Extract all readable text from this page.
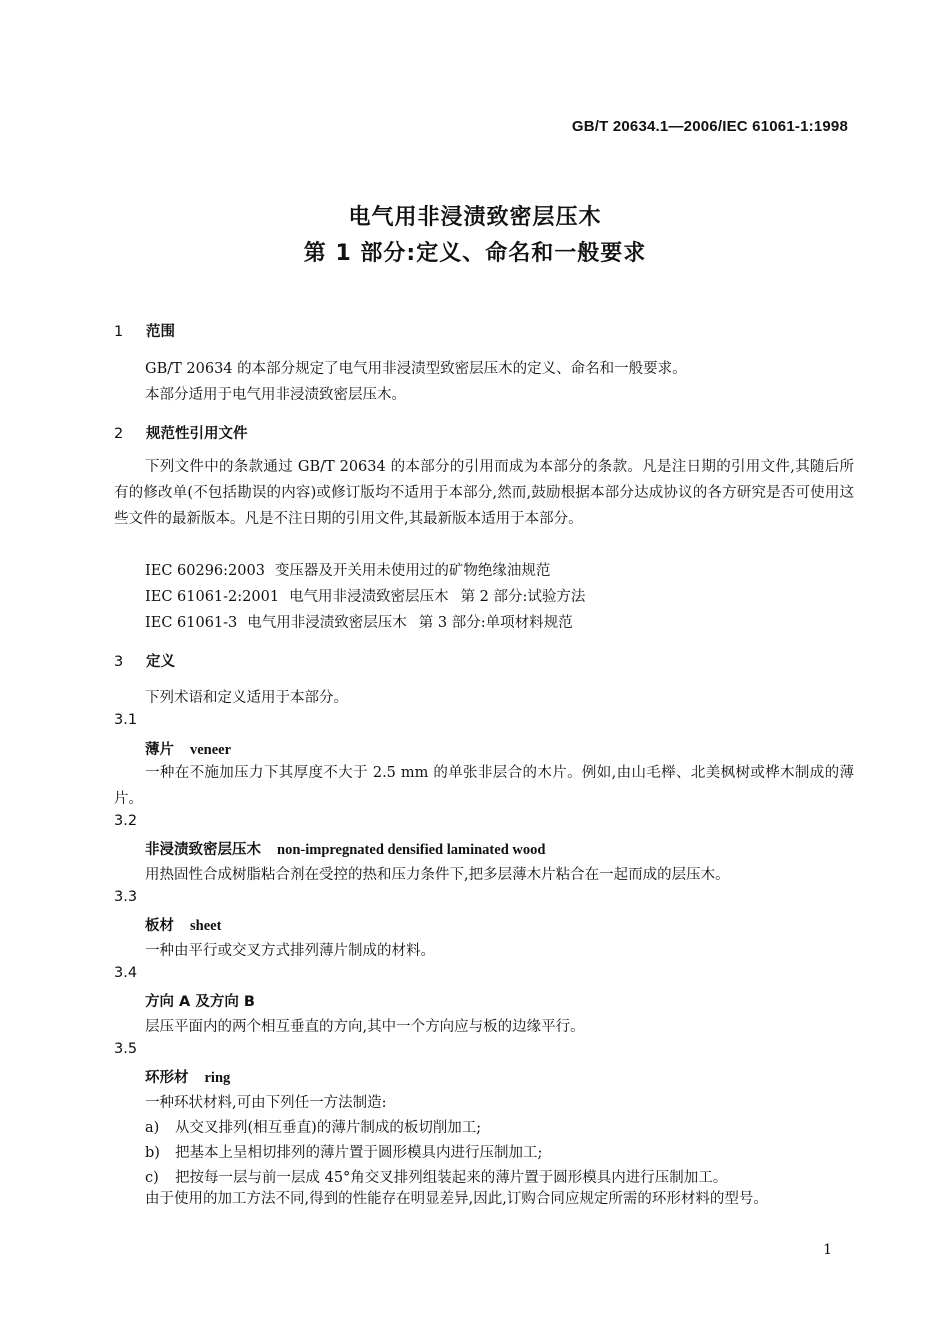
GB/T 20634.1—2006/IEC 61061-1:1998
电气用非浸渍致密层压木
第 1 部分:定义、命名和一般要求
1 范围
GB/T 20634 的本部分规定了电气用非浸渍型致密层压木的定义、命名和一般要求。
本部分适用于电气用非浸渍致密层压木。
2 规范性引用文件
下列文件中的条款通过 GB/T 20634 的本部分的引用而成为本部分的条款。凡是注日期的引用文件,其随后所有的修改单(不包括勘误的内容)或修订版均不适用于本部分,然而,鼓励根据本部分达成协议的各方研究是否可使用这些文件的最新版本。凡是不注日期的引用文件,其最新版本适用于本部分。
IEC 60296:2003 变压器及开关用未使用过的矿物绝缘油规范
IEC 61061-2:2001 电气用非浸渍致密层压木 第 2 部分:试验方法
IEC 61061-3 电气用非浸渍致密层压木 第 3 部分:单项材料规范
3 定义
下列术语和定义适用于本部分。
3.1
薄片 veneer
一种在不施加压力下其厚度不大于 2.5 mm 的单张非层合的木片。例如,由山毛榉、北美枫树或桦木制成的薄片。
3.2
非浸渍致密层压木 non-impregnated densified laminated wood
用热固性合成树脂粘合剂在受控的热和压力条件下,把多层薄木片粘合在一起而成的层压木。
3.3
板材 sheet
一种由平行或交叉方式排列薄片制成的材料。
3.4
方向 A 及方向 B
层压平面内的两个相互垂直的方向,其中一个方向应与板的边缘平行。
3.5
环形材 ring
一种环状材料,可由下列任一方法制造:
a) 从交叉排列(相互垂直)的薄片制成的板切削加工;
b) 把基本上呈相切排列的薄片置于圆形模具内进行压制加工;
c) 把按每一层与前一层成 45°角交叉排列组装起来的薄片置于圆形模具内进行压制加工。
由于使用的加工方法不同,得到的性能存在明显差异,因此,订购合同应规定所需的环形材料的型号。
1
